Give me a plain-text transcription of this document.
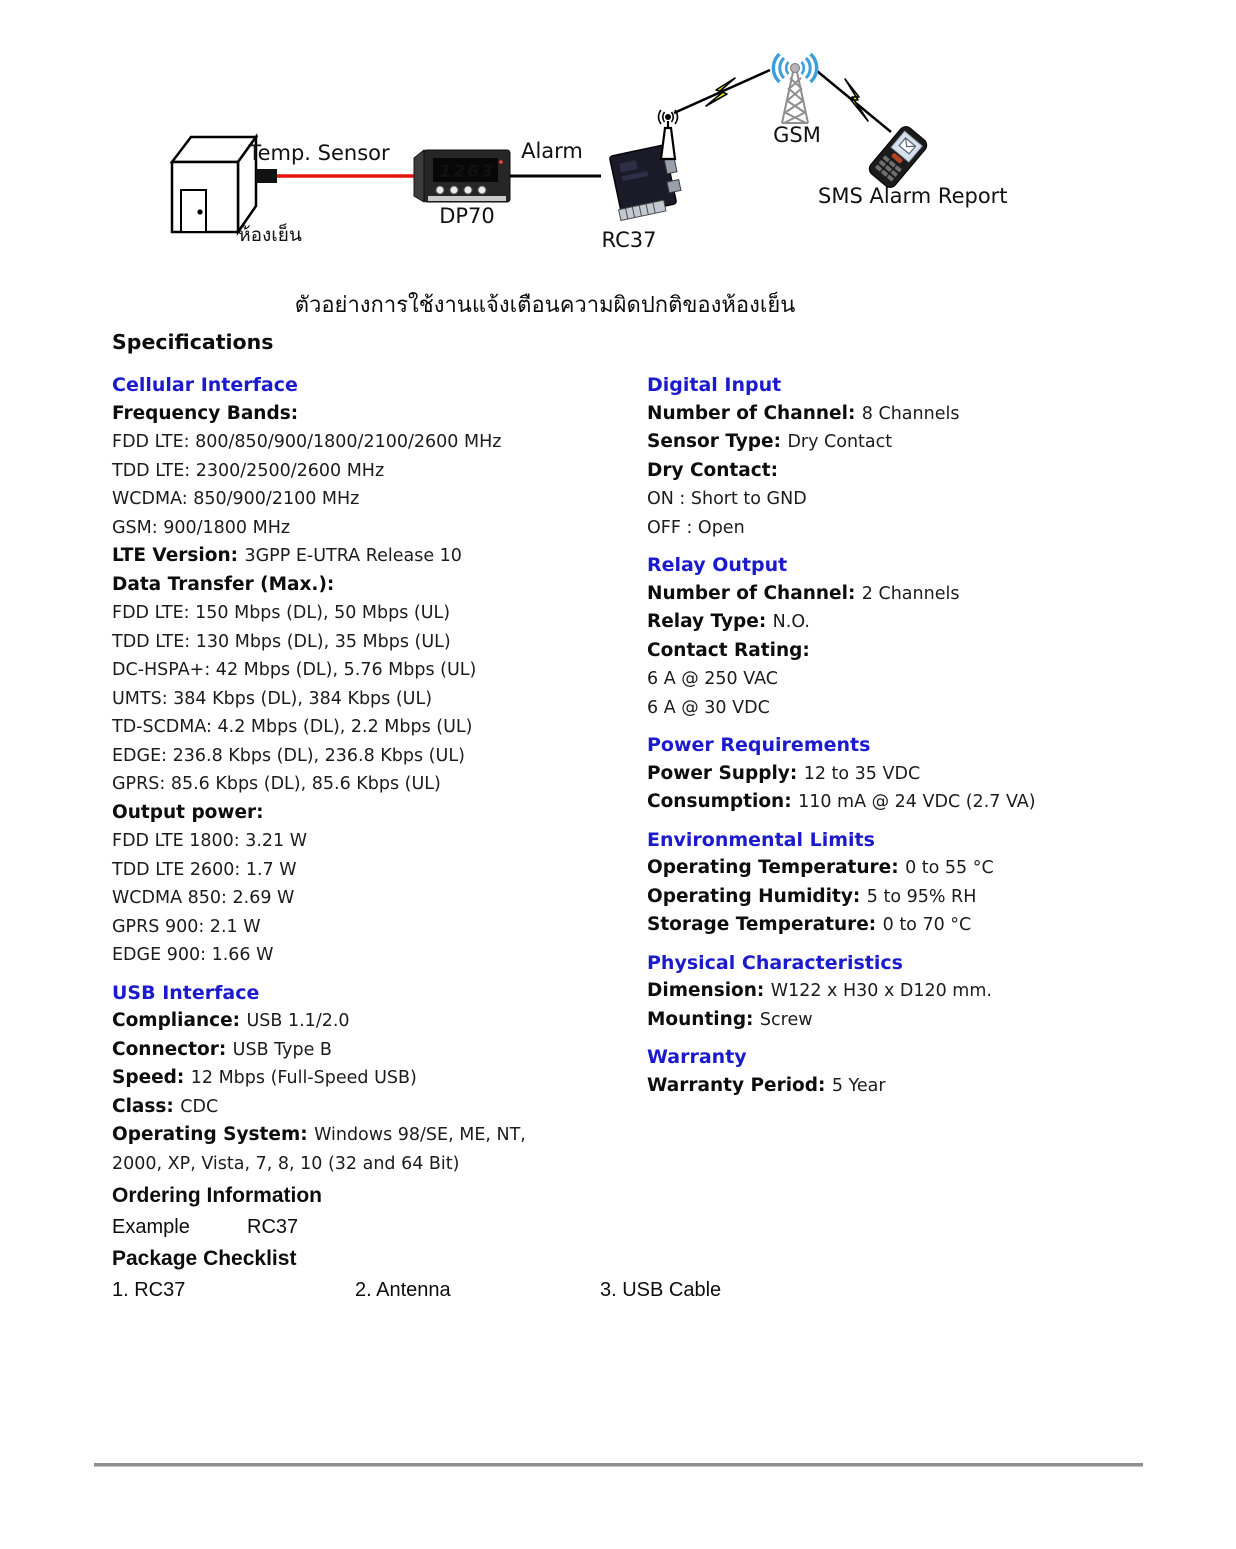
1263
Temp. Sensor	Alarm
DP70
RC37
GSM
SMS Alarm Report
ห้องเย็น
ตัวอย่างการใช้งานแจ้งเตือนความผิดปกติของห้องเย็น
Specifications
Cellular Interface
Frequency Bands:
FDD LTE: 800/850/900/1800/2100/2600 MHz
TDD LTE: 2300/2500/2600 MHz
WCDMA: 850/900/2100 MHz
GSM: 900/1800 MHz
LTE Version: 3GPP E-UTRA Release 10
Data Transfer (Max.):
FDD LTE: 150 Mbps (DL), 50 Mbps (UL)
TDD LTE: 130 Mbps (DL), 35 Mbps (UL)
DC-HSPA+: 42 Mbps (DL), 5.76 Mbps (UL)
UMTS: 384 Kbps (DL), 384 Kbps (UL)
TD-SCDMA: 4.2 Mbps (DL), 2.2 Mbps (UL)
EDGE: 236.8 Kbps (DL), 236.8 Kbps (UL)
GPRS: 85.6 Kbps (DL), 85.6 Kbps (UL)
Output power:
FDD LTE 1800: 3.21 W
TDD LTE 2600: 1.7 W
WCDMA 850: 2.69 W
GPRS 900: 2.1 W
EDGE 900: 1.66 W
USB Interface
Compliance: USB 1.1/2.0
Connector: USB Type B
Speed: 12 Mbps (Full-Speed USB)
Class: CDC
Operating System: Windows 98/SE, ME, NT,
2000, XP, Vista, 7, 8, 10 (32 and 64 Bit)
Digital Input
Number of Channel: 8 Channels
Sensor Type: Dry Contact
Dry Contact:
ON : Short to GND
OFF : Open
Relay Output
Number of Channel: 2 Channels
Relay Type: N.O.
Contact Rating:
6 A @ 250 VAC
6 A @ 30 VDC
Power Requirements
Power Supply: 12 to 35 VDC
Consumption: 110 mA @ 24 VDC (2.7 VA)
Environmental Limits
Operating Temperature: 0 to 55 °C
Operating Humidity: 5 to 95% RH
Storage Temperature: 0 to 70 °C
Physical Characteristics
Dimension: W122 x H30 x D120 mm.
Mounting: Screw
Warranty
Warranty Period: 5 Year
Ordering Information
Example	RC37
Package Checklist
1. RC37	2. Antenna	3. USB Cable
